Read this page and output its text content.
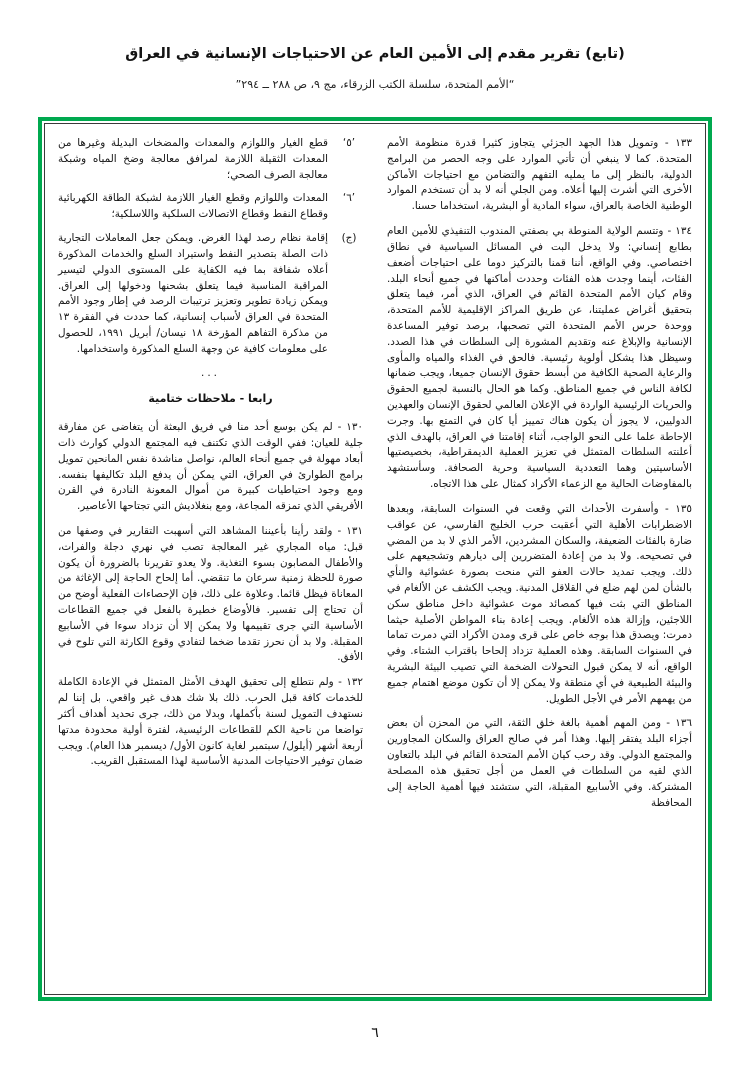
(تابع) تقرير مقدم إلى الأمين العام عن الاحتياجات الإنسانية في العراق
“الأمم المتحدة، سلسلة الكتب الزرقاء، مج ٩، ص ٢٨٨ ــ ٢٩٤”

١٣٣ - وتمويل هذا الجهد الجزئي يتجاوز كثيرا قدرة منظومة الأمم المتحدة. كما لا ينبغي أن تأتي الموارد على وجه الحصر من البرامج الدولية، بالنظر إلى ما يمليه التفهم والتضامن مع احتياجات الأماكن الأخرى التي أشرت إليها أعلاه. ومن الجلي أنه لا بد أن تستخدم الموارد الوطنية الخاصة بالعراق، سواء المادية أو البشرية، استخداما حسنا.

١٣٤ - وتتسم الولاية المنوطة بي بصفتي المندوب التنفيذي للأمين العام بطابع إنساني: ولا يدخل البت في المسائل السياسية في نطاق اختصاصي. وفي الواقع، أننا قمنا بالتركيز دوما على احتياجات أضعف الفئات، أينما وجدت هذه الفئات وحددت أماكنها في جميع أنحاء البلد. وقام كيان الأمم المتحدة القائم في العراق، الذي أمر، فيما يتعلق بتحقيق أغراض عمليتنا، عن طريق المراكز الإقليمية للأمم المتحدة، ووحدة حرس الأمم المتحدة التي تصحبها، برصد توفير المساعدة الإنسانية والإبلاغ عنه وتقديم المشورة إلى السلطات في هذا الصدد. وسيظل هذا يشكل أولوية رئيسية. فالحق في الغذاء والمياه والمأوى والرعاية الصحية الكافية من أبسط حقوق الإنسان جميعا، ويجب ضمانها لكافة الناس في جميع المناطق. وكما هو الحال بالنسبة لجميع الحقوق والحريات الرئيسية الواردة في الإعلان العالمي لحقوق الإنسان والعهدين الدوليين، لا يجوز أن يكون هناك تمييز أيا كان في التمتع بها. وجرت الإحاطة علما على النحو الواجب، أثناء إقامتنا في العراق، بالهدف الذي أعلنته السلطات المتمثل في تعزيز العملية الديمقراطية، بخصيصتيها الأساسيتين وهما التعددية السياسية وحرية الصحافة. وسأستشهد بالمفاوضات الحالية مع الزعماء الأكراد كمثال على هذا الاتجاه.

١٣٥ - وأسفرت الأحداث التي وقعت في السنوات السابقة، وبعدها الاضطرابات الأهلية التي أعقبت حرب الخليج الفارسي، عن عواقب ضارة بالفئات الضعيفة، والسكان المشردين، الأمر الذي لا بد من المضي في تصحيحه. ولا بد من إعادة المتضررين إلى ديارهم وتشجيعهم على ذلك. ويجب تمديد حالات العفو التي منحت بصورة عشوائية والنأي بالشأن لمن لهم ضلع في القلاقل المدنية. ويجب الكشف عن الألغام في المناطق التي بثت فيها كمصائد موت عشوائية داخل مناطق سكن اللاجئين، وإزالة هذه الألغام. ويجب إعادة بناء المواطن الأصلية حيثما دمرت: ويصدق هذا بوجه خاص على قرى ومدن الأكراد التي دمرت تماما في السنوات السابقة. وهذه العملية تزداد إلحاحا باقتراب الشتاء. وفي الواقع، أنه لا يمكن قبول التحولات الضخمة التي تصيب البيئة البشرية والبيئة الطبيعية في أي منطقة ولا يمكن إلا أن تكون موضع اهتمام جميع من يهمهم الأمر في الأجل الطويل.

١٣٦ - ومن المهم أهمية بالغة خلق الثقة، التي من المحزن أن بعض أجزاء البلد يفتقر إليها. وهذا أمر في صالح العراق والسكان المجاورين والمجتمع الدولي. وقد رحب كيان الأمم المتحدة القائم في البلد بالتعاون الذي لقيه من السلطات في العمل من أجل تحقيق هذه المصلحة المشتركة. وفي الأسابيع المقبلة، التي ستشتد فيها أهمية الحاجة إلى المحافظة

’٥‘
قطع الغيار واللوازم والمعدات والمضخات البديلة وغيرها من المعدات الثقيلة اللازمة لمرافق معالجة وضخ المياه وشبكة معالجة الصرف الصحي؛
’٦‘
المعدات واللوازم وقطع الغيار اللازمة لشبكة الطاقة الكهربائية وقطاع النفط وقطاع الاتصالات السلكية واللاسلكية؛
(ج)
إقامة نظام رصد لهذا الغرض. ويمكن جعل المعاملات التجارية ذات الصلة بتصدير النفط واستيراد السلع والخدمات المذكورة أعلاه شفافة بما فيه الكفاية على المستوى الدولي لتيسير المراقبة المناسبة فيما يتعلق بشحنها ودخولها إلى العراق. ويمكن زيادة تطوير وتعزيز ترتيبات الرصد في إطار وجود الأمم المتحدة في العراق لأسباب إنسانية، كما حددت في الفقرة ١٣ من مذكرة التفاهم المؤرخة ١٨ نيسان/ أبريل ١٩٩١، للحصول على معلومات كافية عن وجهة السلع المذكورة واستخدامها.
...
رابعا - ملاحظات ختامية

١٣٠ - لم يكن بوسع أحد منا في فريق البعثة أن يتغاضى عن مفارقة جلية للعيان: ففي الوقت الذي تكتنف فيه المجتمع الدولي كوارث ذات أبعاد مهولة في جميع أنحاء العالم، نواصل مناشدة نفس المانحين تمويل برامج الطوارئ في العراق، التي يمكن أن يدفع البلد تكاليفها بنفسه. ومع وجود احتياطيات كبيرة من أموال المعونة النادرة في القرن الأفريقي الذي تمزقه المجاعة، ومع بنغلاديش التي تجتاحها الأعاصير.

١٣١ - ولقد رأينا بأعيننا المشاهد التي أسهبت التقارير في وصفها من قبل: مياه المجاري غير المعالجة تصب في نهري دجلة والفرات، والأطفال المصابون بسوء التغذية. ولا يعدو تقريرنا بالضرورة أن يكون صورة للحظة زمنية سرعان ما تنقضي. أما إلحاح الحاجة إلى الإغاثة من المعاناة فيظل قائما. وعلاوة على ذلك، فإن الإحصاءات الفعلية أوضح من أن تحتاج إلى تفسير. فالأوضاع خطيرة بالفعل في جميع القطاعات الأساسية التي جرى تقييمها ولا يمكن إلا أن تزداد سوءا في الأسابيع المقبلة. ولا بد أن نحرز تقدما ضخما لتفادي وقوع الكارثة التي تلوح في الأفق.

١٣٢ - ولم نتطلع إلى تحقيق الهدف الأمثل المتمثل في الإعادة الكاملة للخدمات كافة قبل الحرب. ذلك بلا شك هدف غير واقعي. بل إننا لم نستهدف التمويل لسنة بأكملها، وبدلا من ذلك، جرى تحديد أهداف أكثر تواضعا من ناحية الكم للقطاعات الرئيسية، لفترة أولية محدودة مدتها أربعة أشهر (أيلول/ سبتمبر لغاية كانون الأول/ ديسمبر هذا العام). ويجب ضمان توفير الاحتياجات المدنية الأساسية لهذا المستقبل القريب.

٦
